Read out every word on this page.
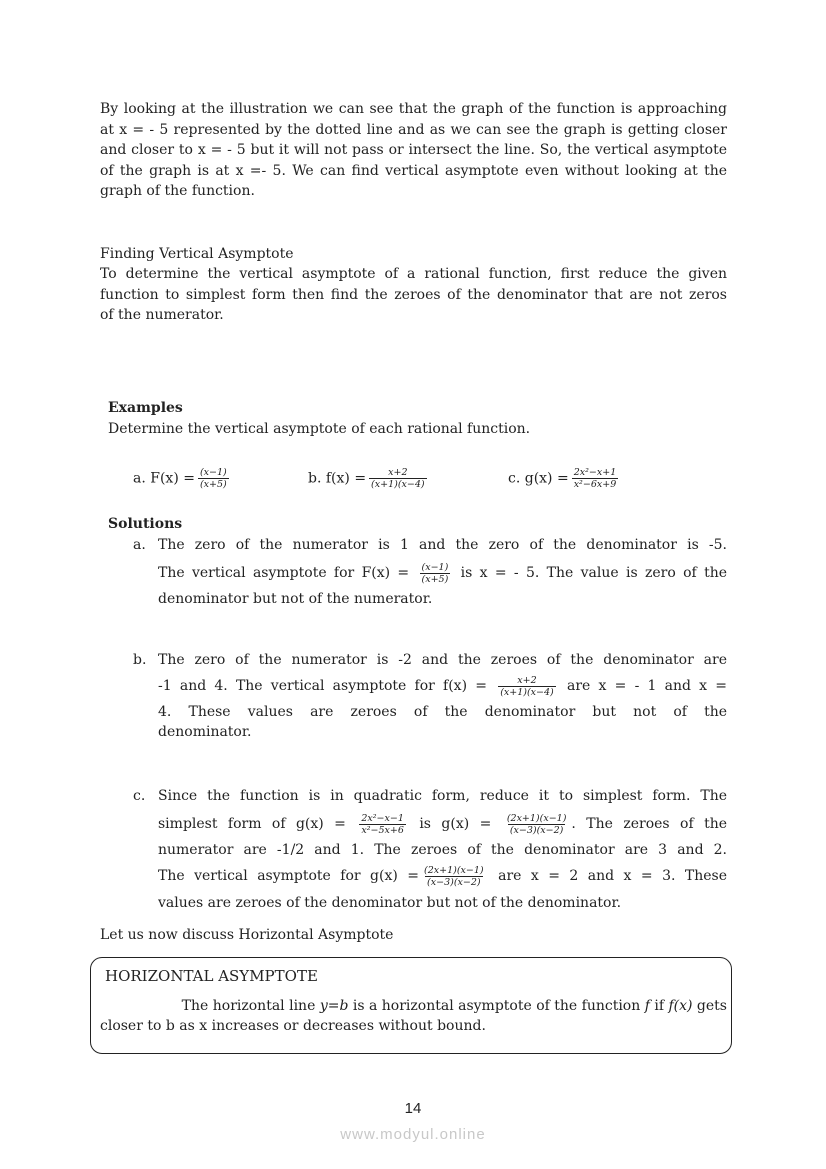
By looking at the illustration we can see that the graph of the function is approaching
at x = - 5 represented by the dotted line and as we can see the graph is getting closer
and closer to x = - 5 but it will not pass or intersect the line. So, the vertical asymptote
of the graph is at x =- 5. We can find vertical asymptote even without looking at the
graph of the function.
Finding Vertical Asymptote
To determine the vertical asymptote of a rational function, first reduce the given
function to simplest form then find the zeroes of the denominator that are not zeros
of the numerator.
Examples
Determine the vertical asymptote of each rational function.
a. $F(x) = \frac{(x-1)}{(x+5)}$	b. $f(x) = \frac{x+2}{(x+1)(x-4)}$	c. $g(x) = \frac{\text{2x²−x+1}}{\text{x²−6x+9}}$
Solutions
a. The zero of the numerator is 1 and the zero of the denominator is -5.
The vertical asymptote for $F(x) = \frac{(x-1)}{(x+5)}$ is x = - 5. The value is zero of the
denominator but not of the numerator.
b. The zero of the numerator is -2 and the zeroes of the denominator are
-1 and 4. The vertical asymptote for $f(x) = \frac{x+2}{(x+1)(x-4)}$ are x = - 1 and x =
4. These values are zeroes of the denominator but not of the
denominator.
c. Since the function is in quadratic form, reduce it to simplest form. The
simplest form of $g(x) = \frac{\text{2x²−x−1}}{\text{x²−5x+6}}$ is $g(x) = \frac{(2x+1)(x-1)}{(x-3)(x-2)}$ . The zeroes of the
numerator are -1/2 and 1. The zeroes of the denominator are 3 and 2.
The vertical asymptote for $g(x) = \frac{(2x+1)(x-1)}{(x-3)(x-2)}$ are x = 2 and x = 3. These
values are zeroes of the denominator but not of the denominator.
Let us now discuss Horizontal Asymptote
HORIZONTAL ASYMPTOTE
The horizontal line y=b is a horizontal asymptote of the function f if f(x) gets
closer to b as x increases or decreases without bound.
14
www.modyul.online
